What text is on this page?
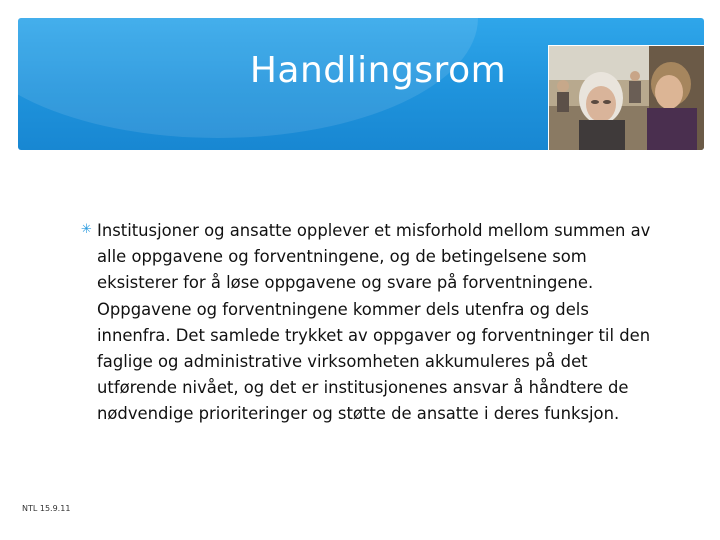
Handlingsrom
✳ Institusjoner og ansatte opplever et misforhold mellom summen av alle oppgavene og forventningene, og de betingelsene som eksisterer for å løse oppgavene og svare på forventningene. Oppgavene og forventningene kommer dels utenfra og dels innenfra. Det samlede trykket av oppgaver og forventninger til den faglige og administrative virksomheten akkumuleres på det utførende nivået, og det er institusjonenes ansvar å håndtere de nødvendige prioriteringer og støtte de ansatte i deres funksjon.
NTL 15.9.11
